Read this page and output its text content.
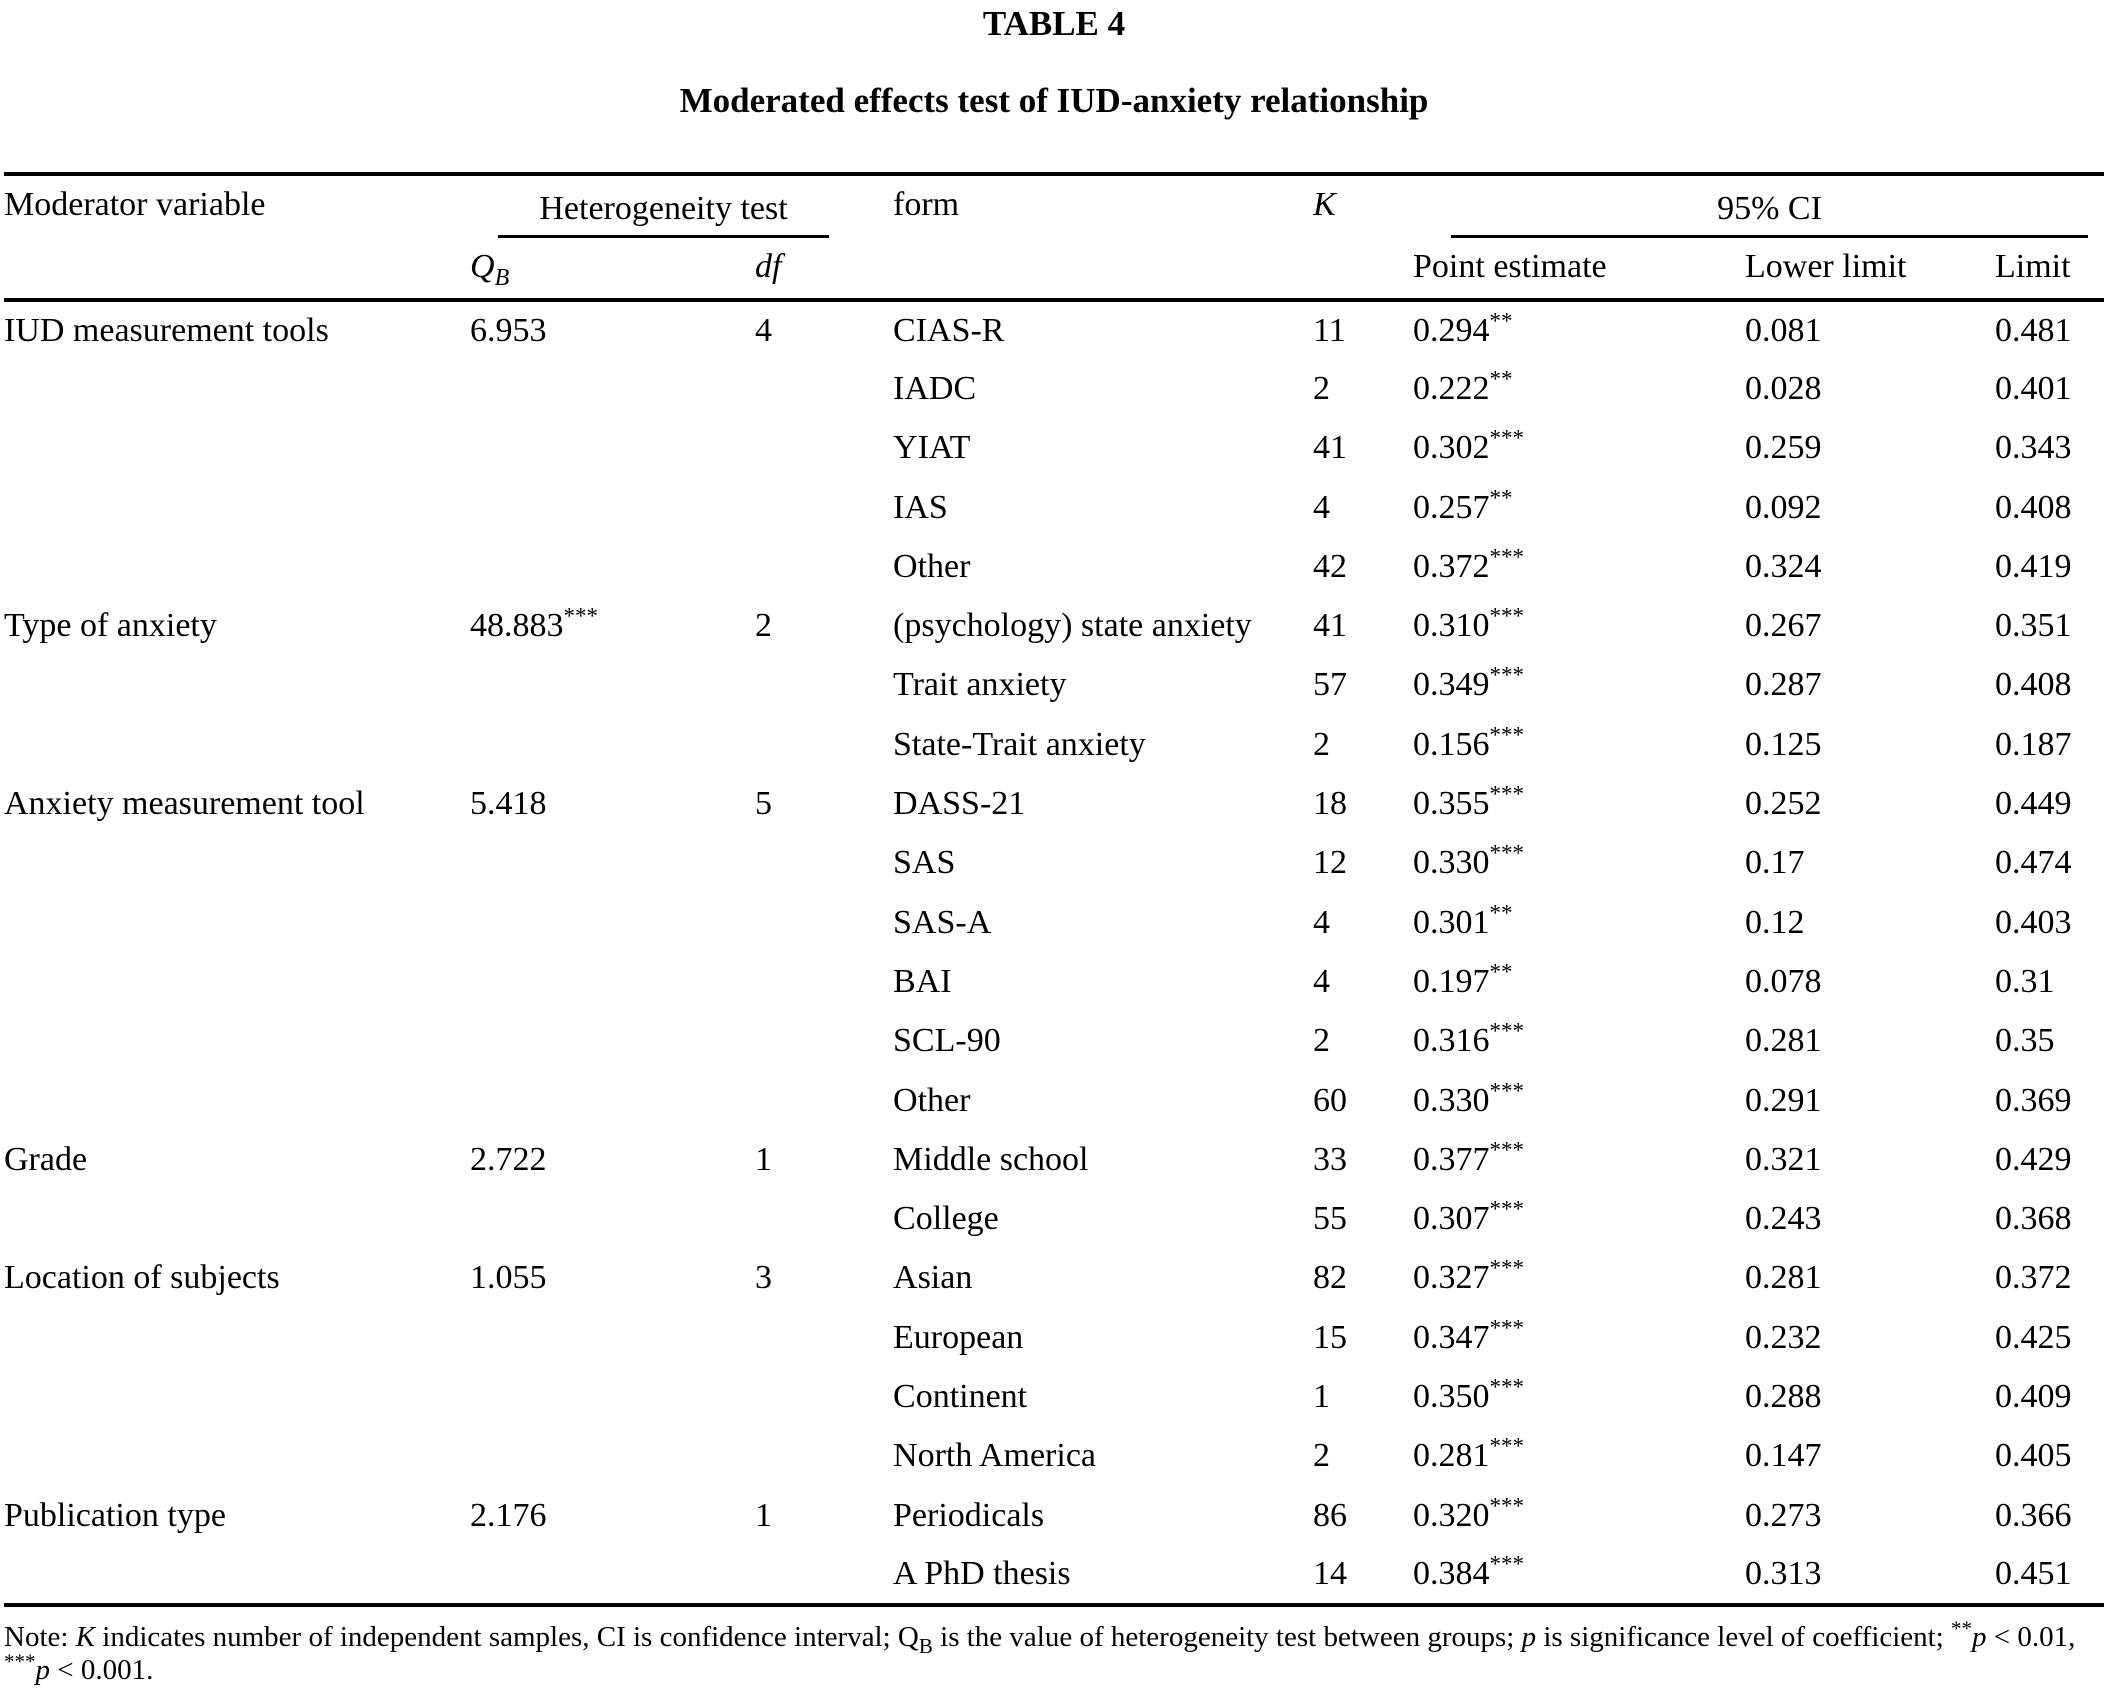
TABLE 4
Moderated effects test of IUD-anxiety relationship
Moderator variable	Heterogeneity test		form	K	95% CI		

	$Q_B$	df			Point estimate	Lower limit	Limit
IUD measurement tools	6.953	4	CIAS-R	11	0.294**	0.081	0.481
			IADC	2	0.222**	0.028	0.401
			YIAT	41	0.302***	0.259	0.343
			IAS	4	0.257**	0.092	0.408
			Other	42	0.372***	0.324	0.419
Type of anxiety	48.883***	2	(psychology) state anxiety	41	0.310***	0.267	0.351
			Trait anxiety	57	0.349***	0.287	0.408
			State-Trait anxiety	2	0.156***	0.125	0.187
Anxiety measurement tool	5.418	5	DASS-21	18	0.355***	0.252	0.449
			SAS	12	0.330***	0.17	0.474
			SAS-A	4	0.301**	0.12	0.403
			BAI	4	0.197**	0.078	0.31
			SCL-90	2	0.316***	0.281	0.35
			Other	60	0.330***	0.291	0.369
Grade	2.722	1	Middle school	33	0.377***	0.321	0.429
			College	55	0.307***	0.243	0.368
Location of subjects	1.055	3	Asian	82	0.327***	0.281	0.372
			European	15	0.347***	0.232	0.425
			Continent	1	0.350***	0.288	0.409
			North America	2	0.281***	0.147	0.405
Publication type	2.176	1	Periodicals	86	0.320***	0.273	0.366
			A PhD thesis	14	0.384***	0.313	0.451
Note: K indicates number of independent samples, CI is confidence interval; $Q_B$ is the value of heterogeneity test between groups; p is significance level of coefficient; **p < 0.01, ***p < 0.001.
